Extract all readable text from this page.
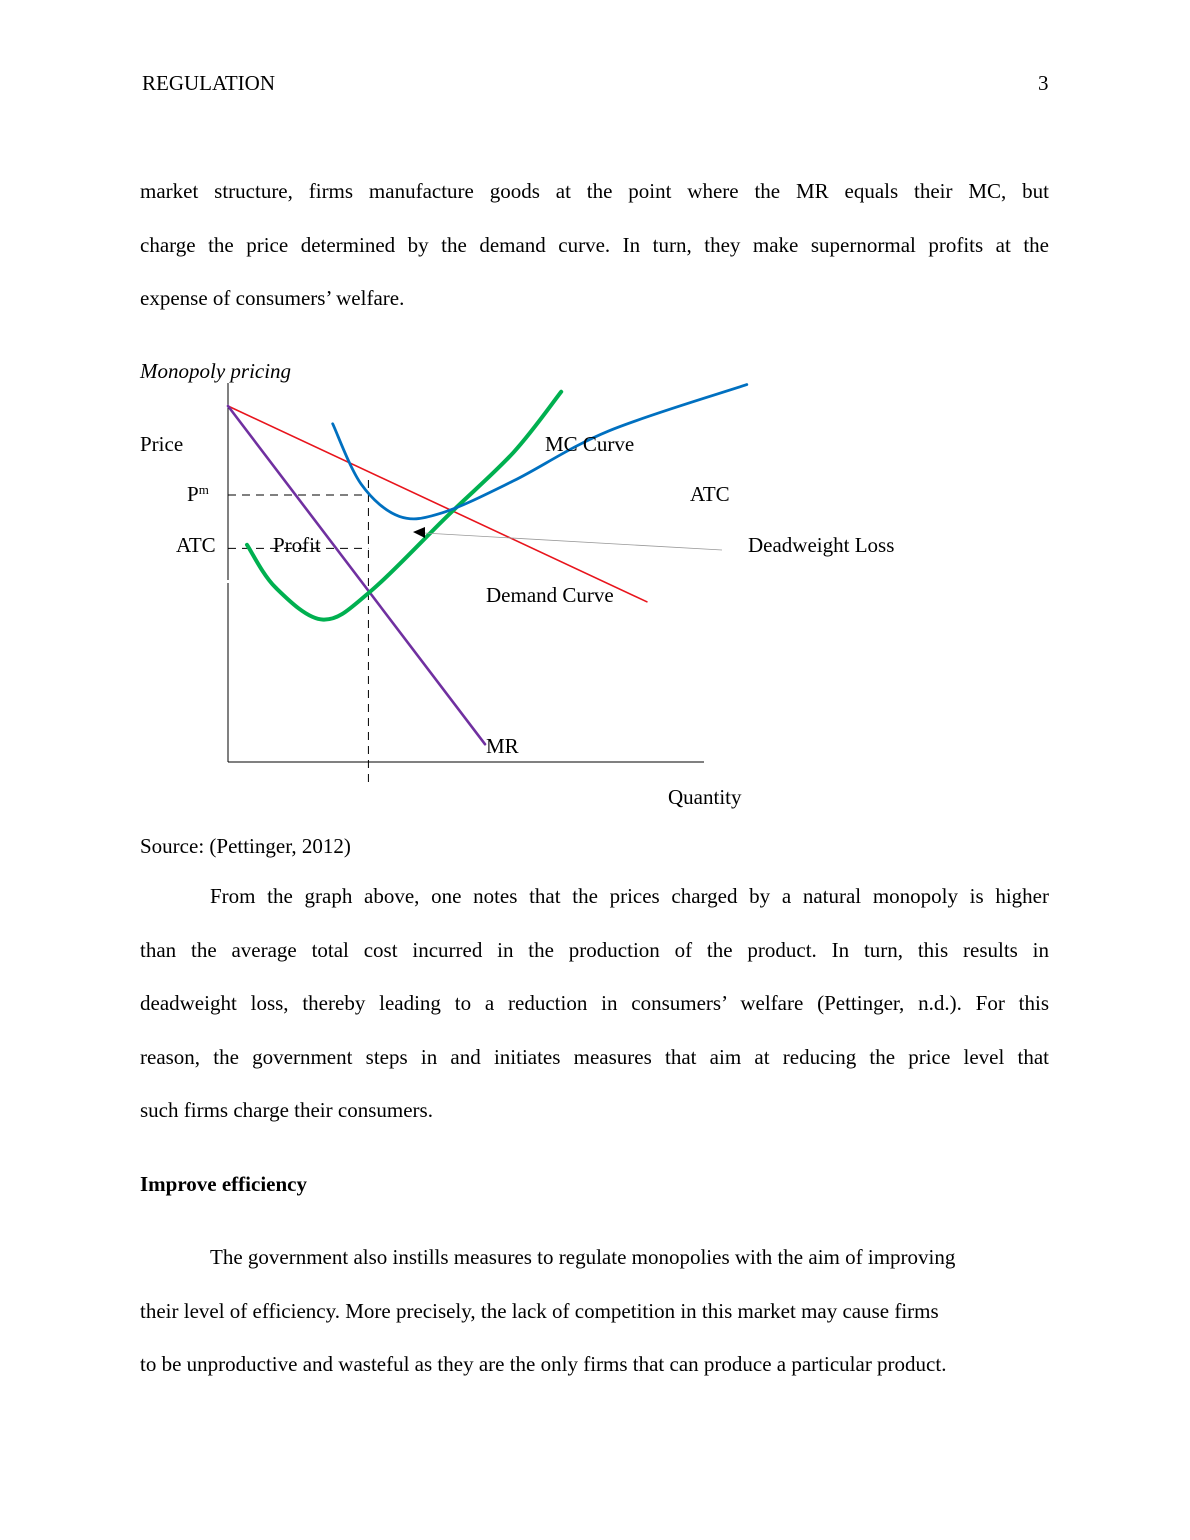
REGULATION	3
market structure, firms manufacture goods at the point where the MR equals their MC, but
charge the price determined by the demand curve. In turn, they make supernormal profits at the
expense of consumers’ welfare.
Monopoly pricing
Price
Quantity
$P^m$
ATC	Profit	Deadweight Loss
ATC
Demand Curve
MR
MC Curve
Source: (Pettinger, 2012)
From the graph above, one notes that the prices charged by a natural monopoly is higher
than the average total cost incurred in the production of the product. In turn, this results in
deadweight loss, thereby leading to a reduction in consumers’ welfare (Pettinger, n.d.). For this
reason, the government steps in and initiates measures that aim at reducing the price level that
such firms charge their consumers.
Improve efficiency
The government also instills measures to regulate monopolies with the aim of improving
their level of efficiency. More precisely, the lack of competition in this market may cause firms
to be unproductive and wasteful as they are the only firms that can produce a particular product.
